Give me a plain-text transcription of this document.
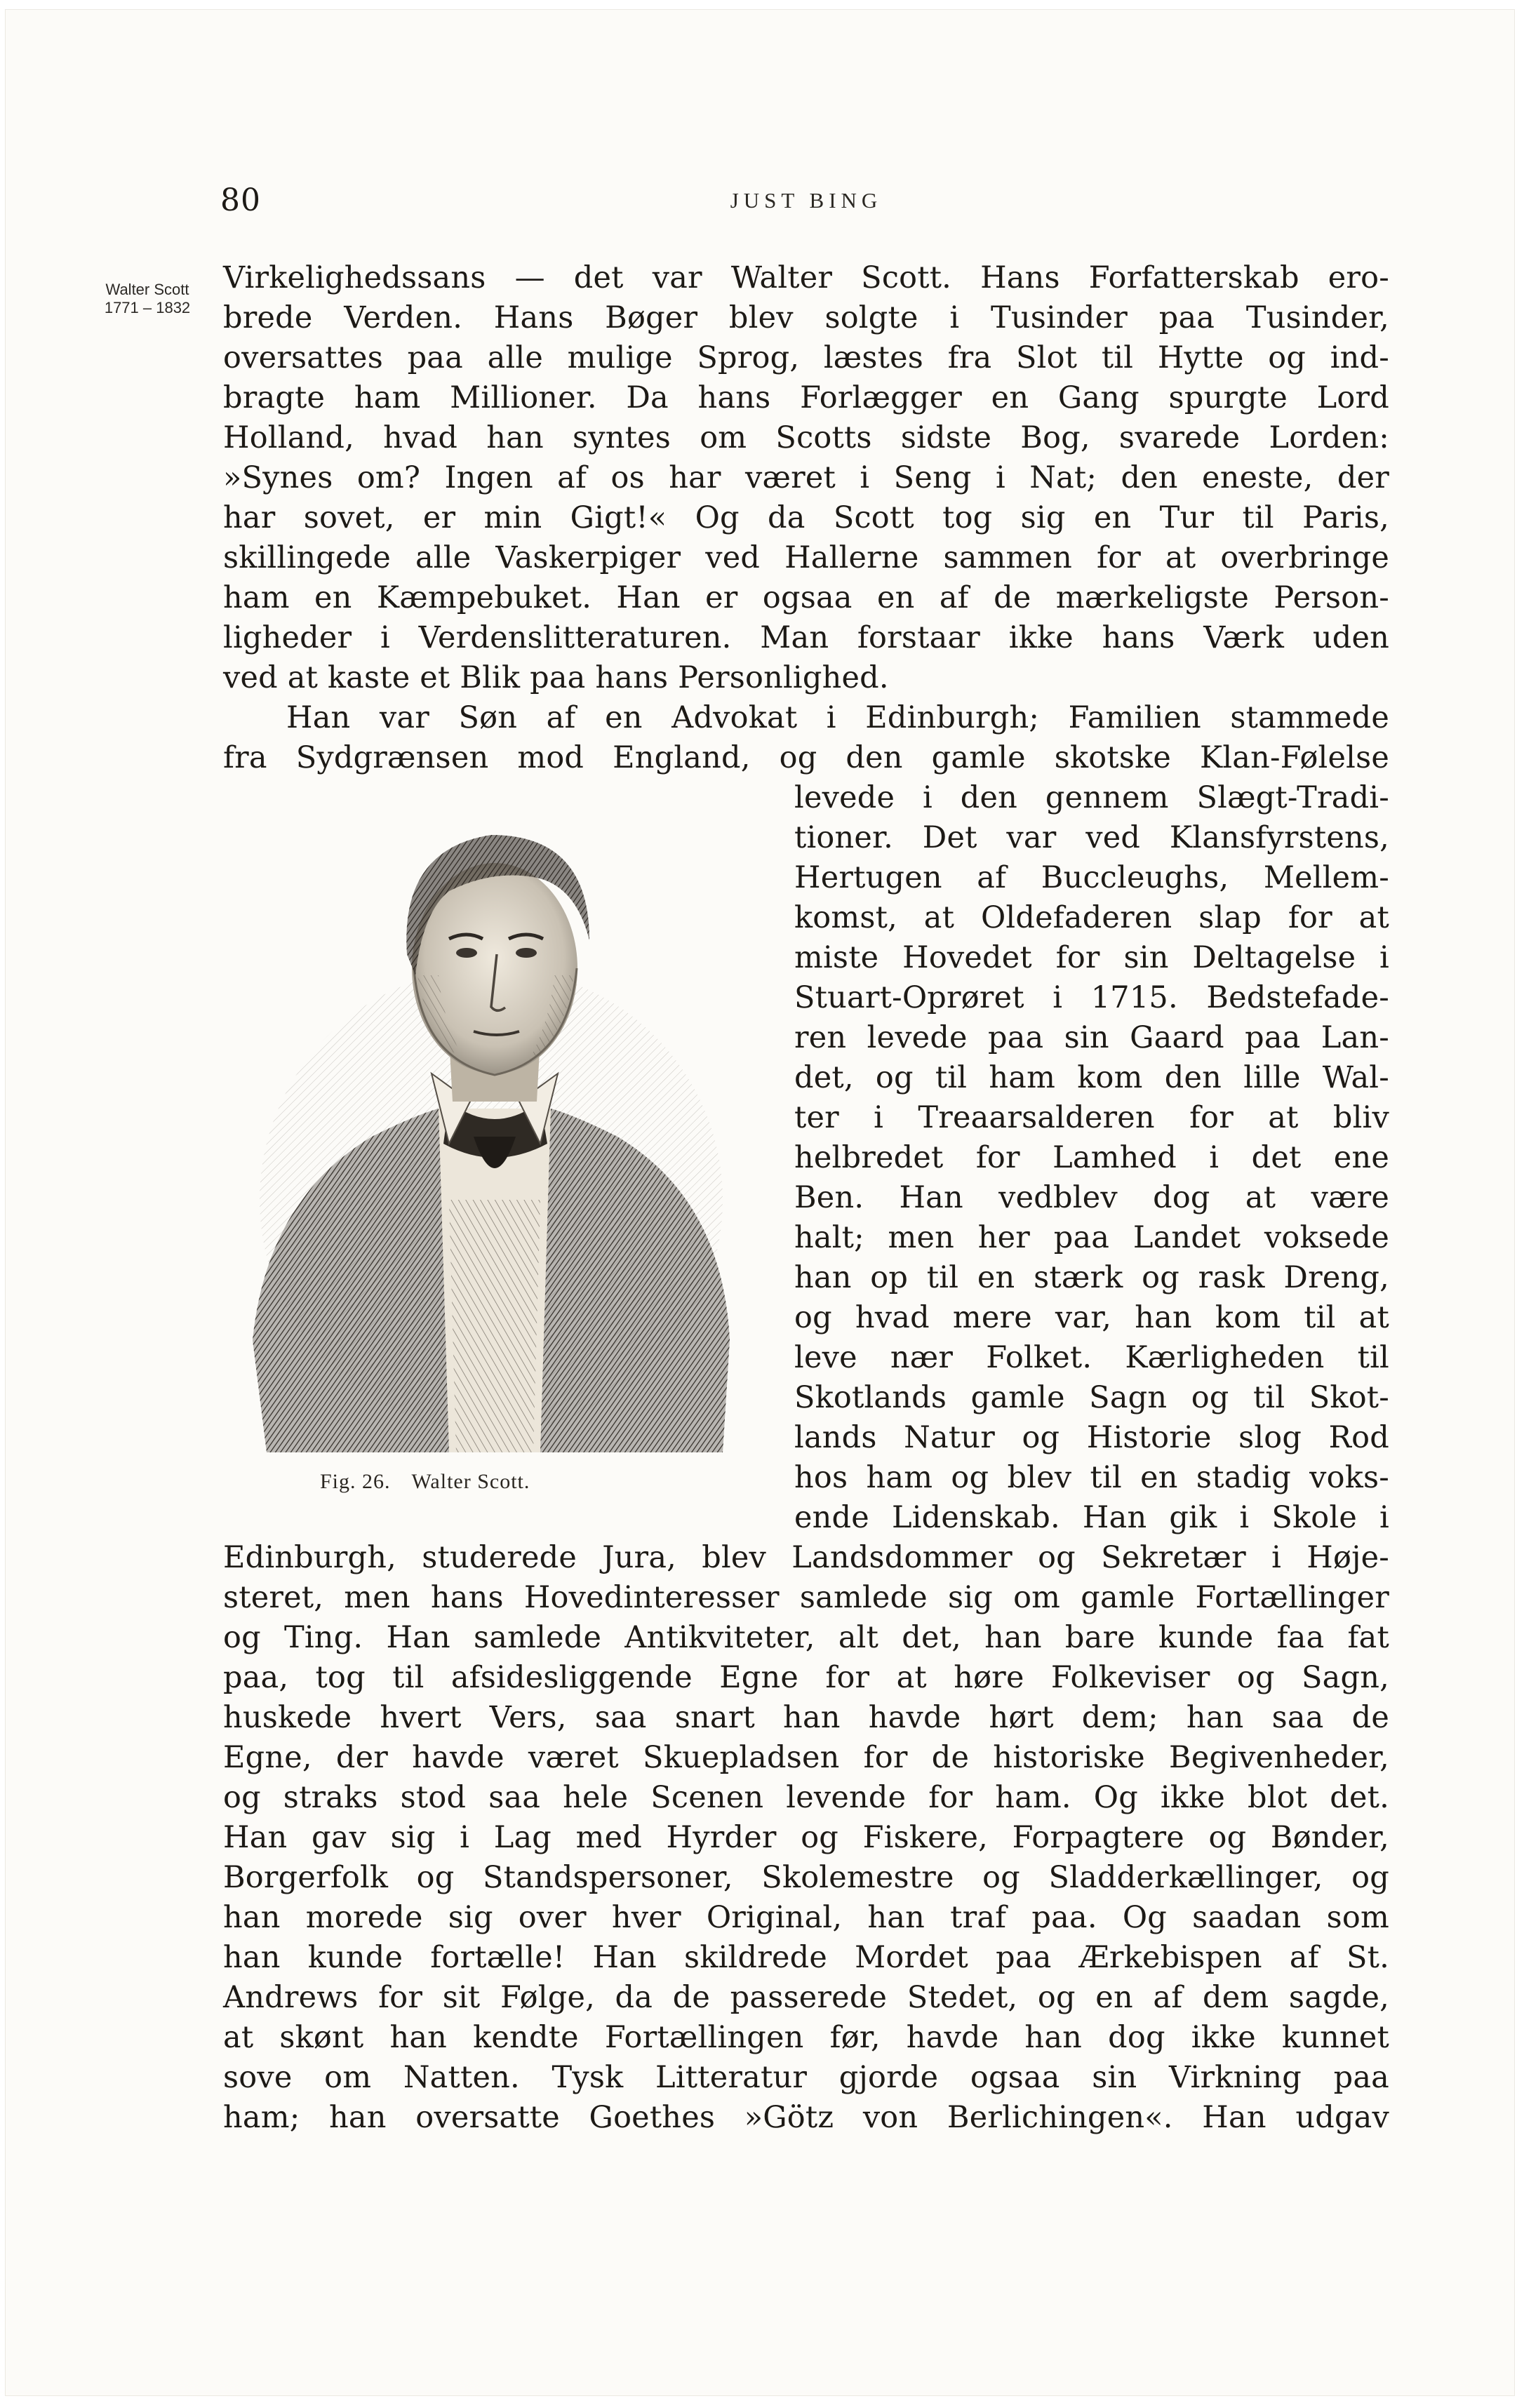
80	JUST BING
Walter Scott
1771 – 1832
Fig. 26. Walter Scott.
Virkelighedssans — det var Walter Scott. Hans Forfatterskab ero-
brede Verden. Hans Bøger blev solgte i Tusinder paa Tusinder,
oversattes paa alle mulige Sprog, læstes fra Slot til Hytte og ind-
bragte ham Millioner. Da hans Forlægger en Gang spurgte Lord
Holland, hvad han syntes om Scotts sidste Bog, svarede Lorden:
»Synes om? Ingen af os har været i Seng i Nat; den eneste, der
har sovet, er min Gigt!« Og da Scott tog sig en Tur til Paris,
skillingede alle Vaskerpiger ved Hallerne sammen for at overbringe
ham en Kæmpebuket. Han er ogsaa en af de mærkeligste Person-
ligheder i Verdenslitteraturen. Man forstaar ikke hans Værk uden
ved at kaste et Blik paa hans Personlighed.
Han var Søn af en Advokat i Edinburgh; Familien stammede
fra Sydgrænsen mod England, og den gamle skotske Klan-Følelse
levede i den gennem Slægt-Tradi-
tioner. Det var ved Klansfyrstens,
Hertugen af Buccleughs, Mellem-
komst, at Oldefaderen slap for at
miste Hovedet for sin Deltagelse i
Stuart-Oprøret i 1715. Bedstefade-
ren levede paa sin Gaard paa Lan-
det, og til ham kom den lille Wal-
ter i Treaarsalderen for at bliv
helbredet for Lamhed i det ene
Ben. Han vedblev dog at være
halt; men her paa Landet voksede
han op til en stærk og rask Dreng,
og hvad mere var, han kom til at
leve nær Folket. Kærligheden til
Skotlands gamle Sagn og til Skot-
lands Natur og Historie slog Rod
hos ham og blev til en stadig voks-
ende Lidenskab. Han gik i Skole i
Edinburgh, studerede Jura, blev Landsdommer og Sekretær i Høje-
steret, men hans Hovedinteresser samlede sig om gamle Fortællinger
og Ting. Han samlede Antikviteter, alt det, han bare kunde faa fat
paa, tog til afsidesliggende Egne for at høre Folkeviser og Sagn,
huskede hvert Vers, saa snart han havde hørt dem; han saa de
Egne, der havde været Skuepladsen for de historiske Begivenheder,
og straks stod saa hele Scenen levende for ham. Og ikke blot det.
Han gav sig i Lag med Hyrder og Fiskere, Forpagtere og Bønder,
Borgerfolk og Standspersoner, Skolemestre og Sladderkællinger, og
han morede sig over hver Original, han traf paa. Og saadan som
han kunde fortælle! Han skildrede Mordet paa Ærkebispen af St.
Andrews for sit Følge, da de passerede Stedet, og en af dem sagde,
at skønt han kendte Fortællingen før, havde han dog ikke kunnet
sove om Natten. Tysk Litteratur gjorde ogsaa sin Virkning paa
ham; han oversatte Goethes »Götz von Berlichingen«. Han udgav
